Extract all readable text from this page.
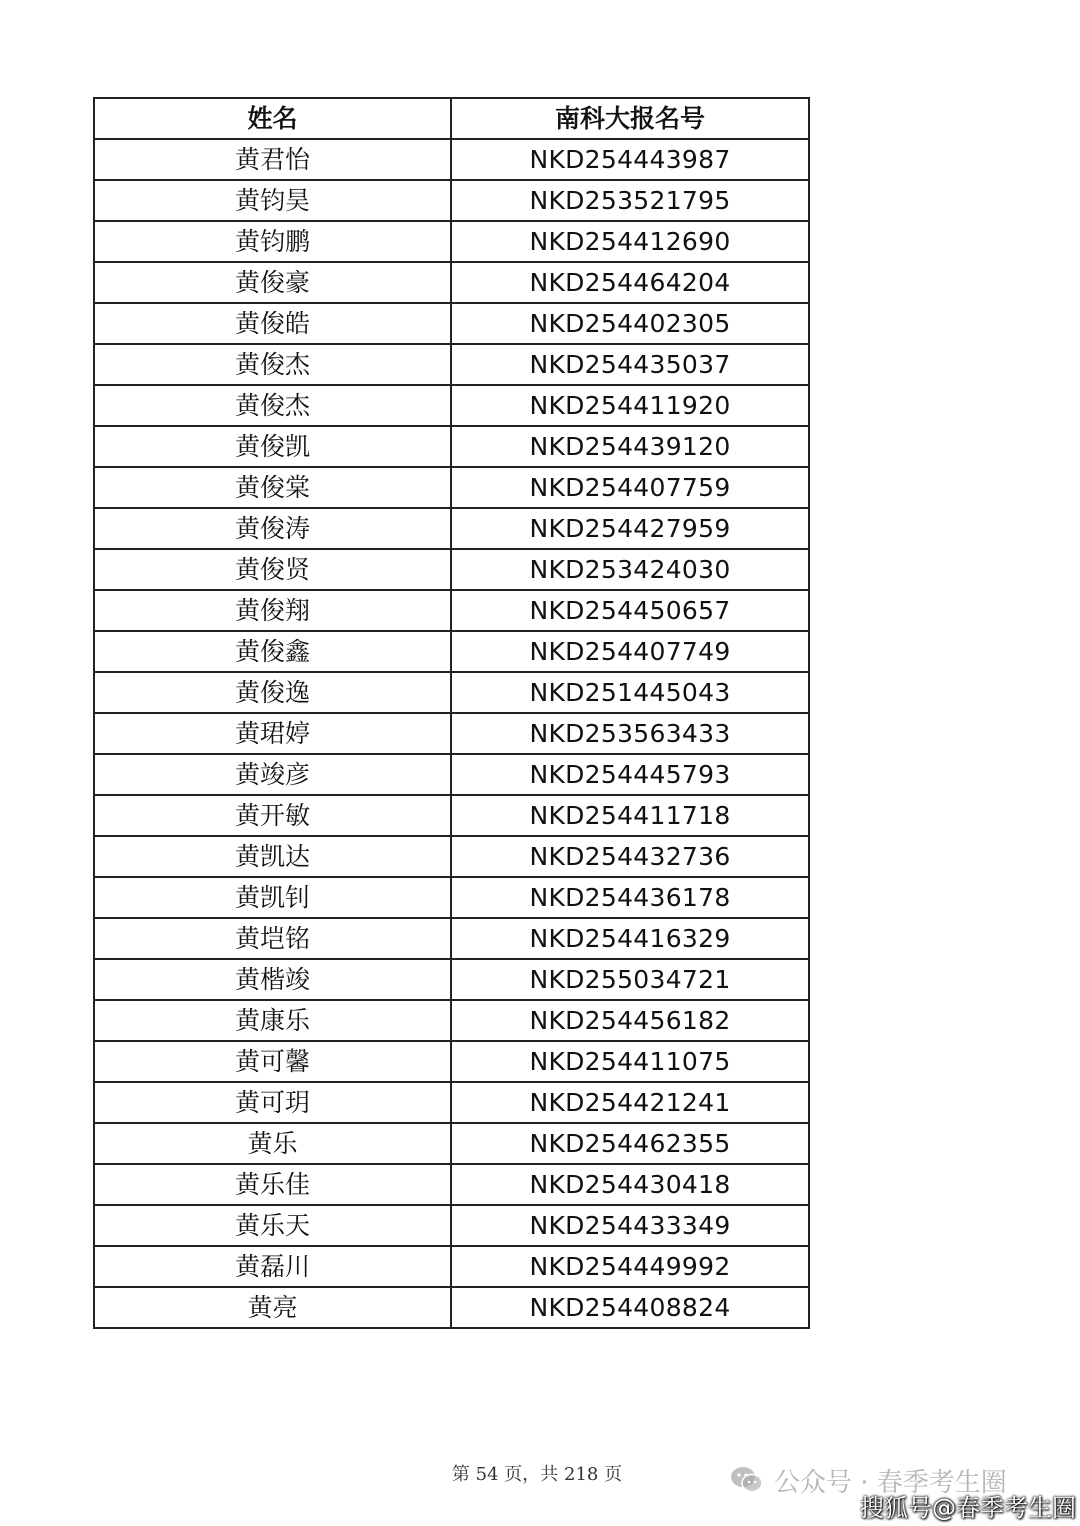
姓名	南科大报名号
黄君怡	NKD254443987
黄钧昊	NKD253521795
黄钧鹏	NKD254412690
黄俊豪	NKD254464204
黄俊皓	NKD254402305
黄俊杰	NKD254435037
黄俊杰	NKD254411920
黄俊凯	NKD254439120
黄俊棠	NKD254407759
黄俊涛	NKD254427959
黄俊贤	NKD253424030
黄俊翔	NKD254450657
黄俊鑫	NKD254407749
黄俊逸	NKD251445043
黄珺婷	NKD253563433
黄竣彦	NKD254445793
黄开敏	NKD254411718
黄凯达	NKD254432736
黄凯钊	NKD254436178
黄垲铭	NKD254416329
黄楷竣	NKD255034721
黄康乐	NKD254456182
黄可馨	NKD254411075
黄可玥	NKD254421241
黄乐	NKD254462355
黄乐佳	NKD254430418
黄乐天	NKD254433349
黄磊川	NKD254449992
黄亮	NKD254408824
第 54 页，共 218 页	公众号 · 春季考生圈
搜狐号@春季考生圈
